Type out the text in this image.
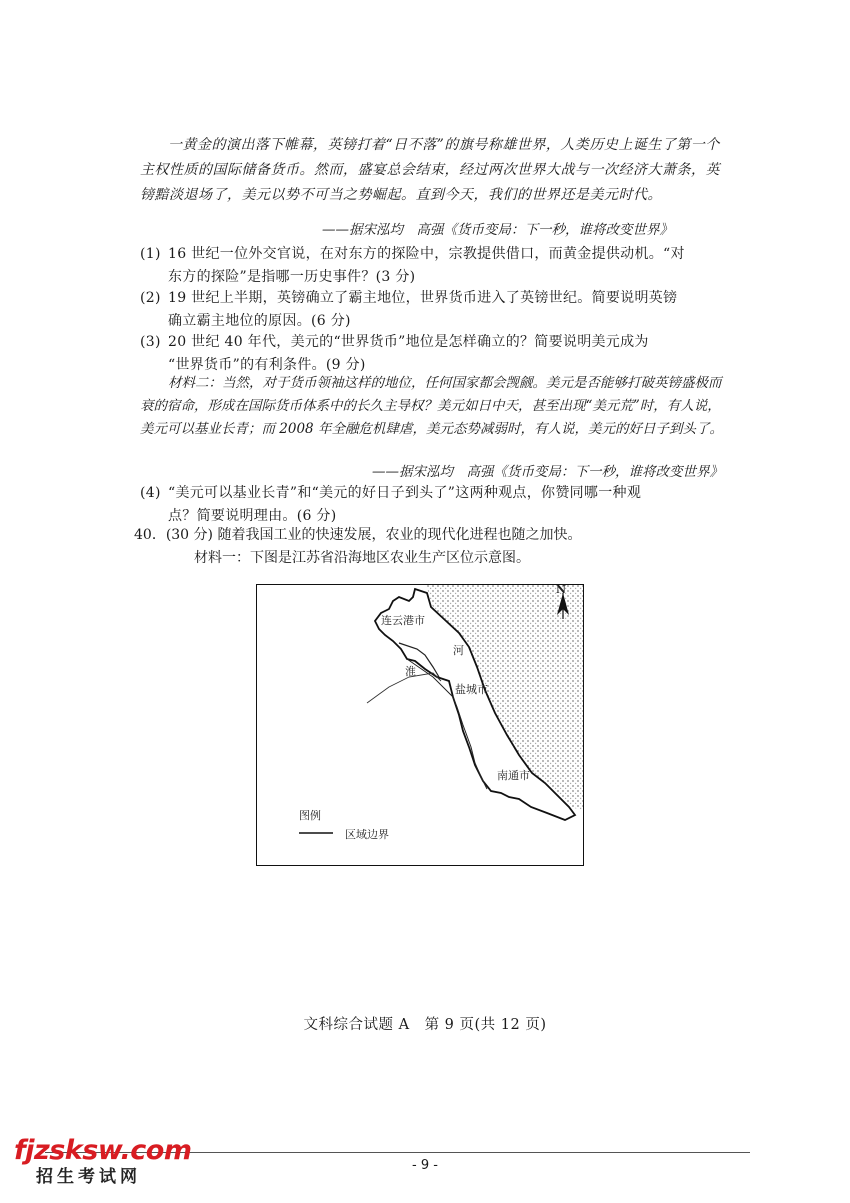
一黄金的演出落下帷幕，英镑打着“日不落”的旗号称雄世界，人类历史上诞生了第一个主权性质的国际储备货币。然而，盛宴总会结束，经过两次世界大战与一次经济大萧条，英镑黯淡退场了，美元以势不可当之势崛起。直到今天，我们的世界还是美元时代。
——据宋泓均　高强《货币变局：下一秒，谁将改变世界》
(1) 16 世纪一位外交官说，在对东方的探险中，宗教提供借口，而黄金提供动机。“对
东方的探险”是指哪一历史事件？(3 分)
(2) 19 世纪上半期，英镑确立了霸主地位，世界货币进入了英镑世纪。简要说明英镑
确立霸主地位的原因。(6 分)
(3) 20 世纪 40 年代，美元的“世界货币”地位是怎样确立的？简要说明美元成为
“世界货币”的有利条件。(9 分)
材料二：当然，对于货币领袖这样的地位，任何国家都会觊觎。美元是否能够打破英镑盛极而衰的宿命，形成在国际货币体系中的长久主导权？美元如日中天，甚至出现“美元荒”时，有人说，美元可以基业长青；而 2008 年全融危机肆虐，美元态势减弱时，有人说，美元的好日子到头了。
——据宋泓均　高强《货币变局：下一秒，谁将改变世界》
(4) “美元可以基业长青”和“美元的好日子到头了”这两种观点，你赞同哪一种观
点？简要说明理由。(6 分)
40．(30 分) 随着我国工业的快速发展，农业的现代化进程也随之加快。
材料一：下图是江苏省沿海地区农业生产区位示意图。
连云港市
河
淮
盐城市
南通市
N
图例
区域边界
文科综合试题 A　第 9 页(共 12 页)
- 9 -
fjzsksw.com
招生考试网
